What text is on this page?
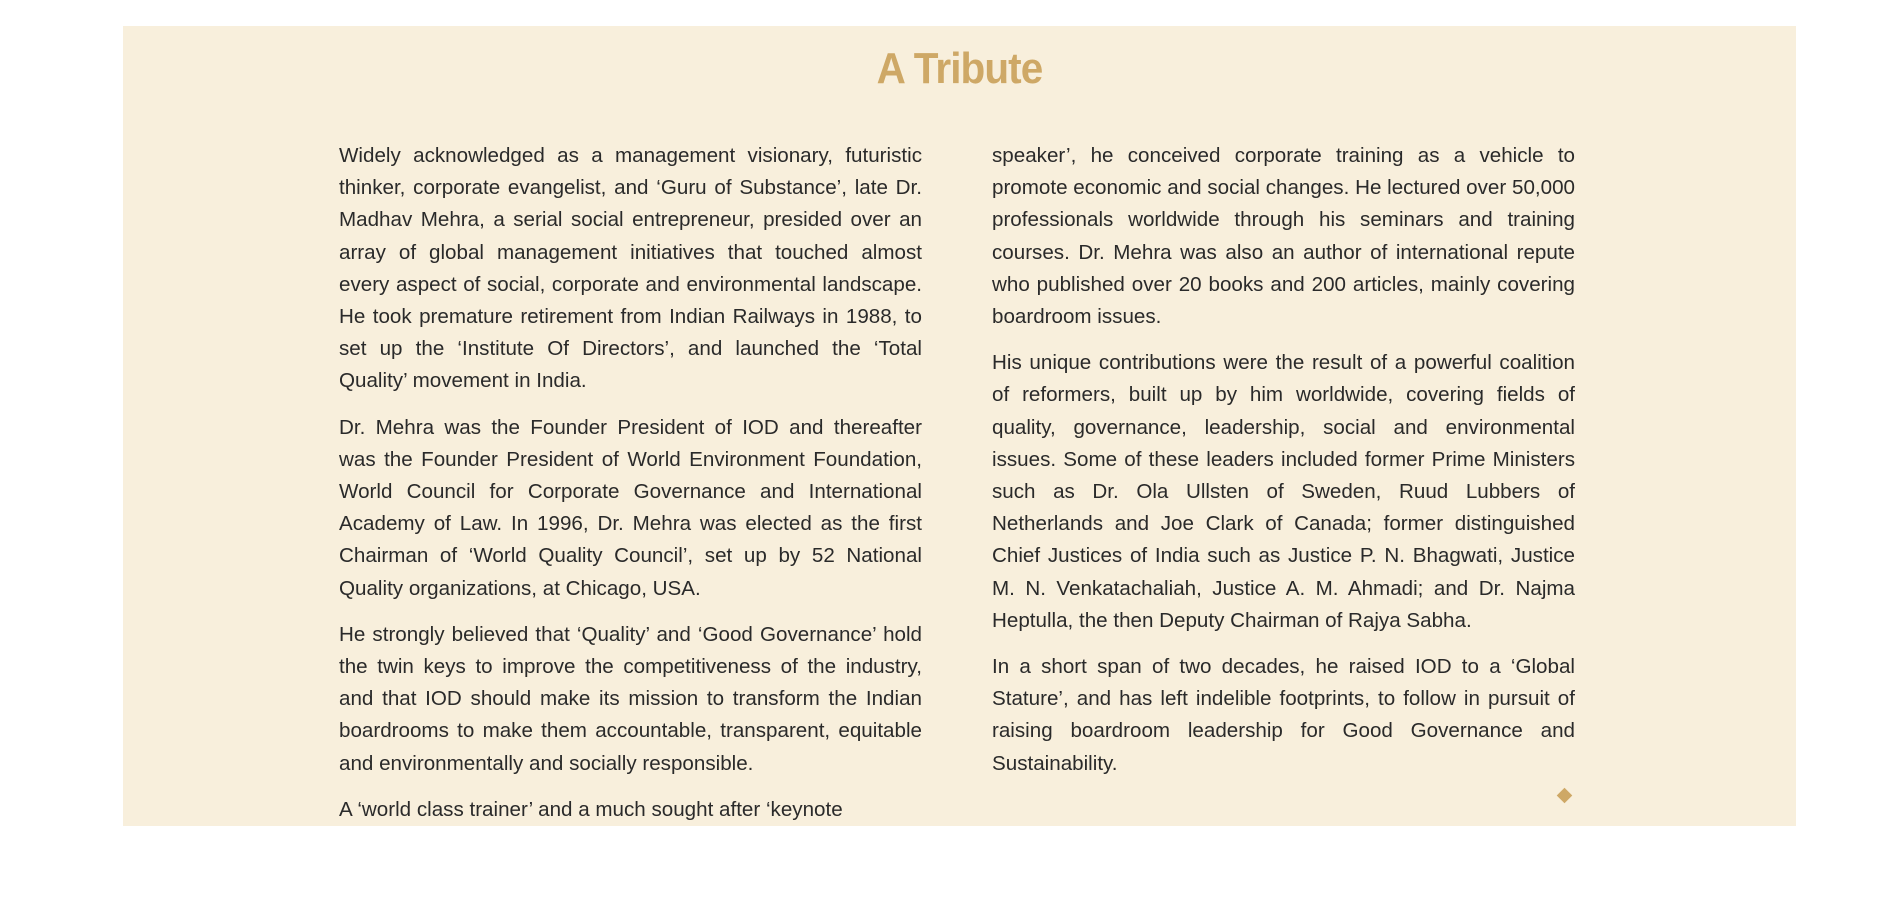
A Tribute

Widely acknowledged as a management visionary, futuristic thinker, corporate evangelist, and ‘Guru of Substance’, late Dr. Madhav Mehra, a serial social entrepreneur, presided over an array of global management initiatives that touched almost every aspect of social, corporate and environmental landscape. He took premature retirement from Indian Railways in 1988, to set up the ‘Institute Of Directors’, and launched the ‘Total Quality’ movement in India.

Dr. Mehra was the Founder President of IOD and thereafter was the Founder President of World Environment Foundation, World Council for Corporate Governance and International Academy of Law. In 1996, Dr. Mehra was elected as the first Chairman of ‘World Quality Council’, set up by 52 National Quality organizations, at Chicago, USA.

He strongly believed that ‘Quality’ and ‘Good Governance’ hold the twin keys to improve the competitiveness of the industry, and that IOD should make its mission to transform the Indian boardrooms to make them accountable, transparent, equitable and environmentally and socially responsible.

A ‘world class trainer’ and a much sought after ‘keynote

speaker’, he conceived corporate training as a vehicle to promote economic and social changes. He lectured over 50,000 professionals worldwide through his seminars and training courses. Dr. Mehra was also an author of international repute who published over 20 books and 200 articles, mainly covering boardroom issues.

His unique contributions were the result of a powerful coalition of reformers, built up by him worldwide, covering fields of quality, governance, leadership, social and environmental issues. Some of these leaders included former Prime Ministers such as Dr. Ola Ullsten of Sweden, Ruud Lubbers of Netherlands and Joe Clark of Canada; former distinguished Chief Justices of India such as Justice P. N. Bhagwati, Justice M. N. Venkatachaliah, Justice A. M. Ahmadi; and Dr. Najma Heptulla, the then Deputy Chairman of Rajya Sabha.

In a short span of two decades, he raised IOD to a ‘Global Stature’, and has left indelible footprints, to follow in pursuit of raising boardroom leadership for Good Governance and Sustainability.
